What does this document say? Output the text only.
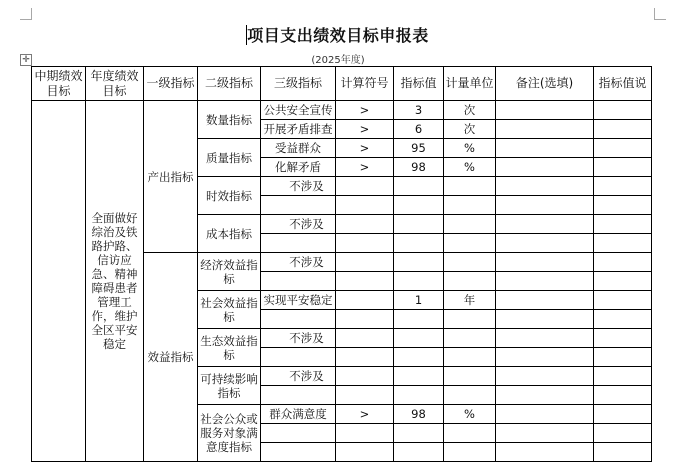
项目支出绩效目标申报表
(2025年度)
✛
中期绩效目标	年度绩效目标	一级指标	二级指标	三级指标	计算符号	指标值	计量单位	备注(选填)	指标值说
	全面做好综治及铁路护路、信访应急、精神障碍患者管理工作，维护全区平安稳定	产出指标	数量指标	公共安全宣传	>	3	次		
				开展矛盾排查	>	6	次		
			质量指标	受益群众	>	95	%		
				化解矛盾	>	98	%		
			时效指标	不涉及					

			成本指标	不涉及					

		效益指标	经济效益指标	不涉及					

			社会效益指标	实现平安稳定		1	年		

			生态效益指标	不涉及					

			可持续影响指标	不涉及					

			社会公众或服务对象满意度指标	群众满意度	>	98	%		
